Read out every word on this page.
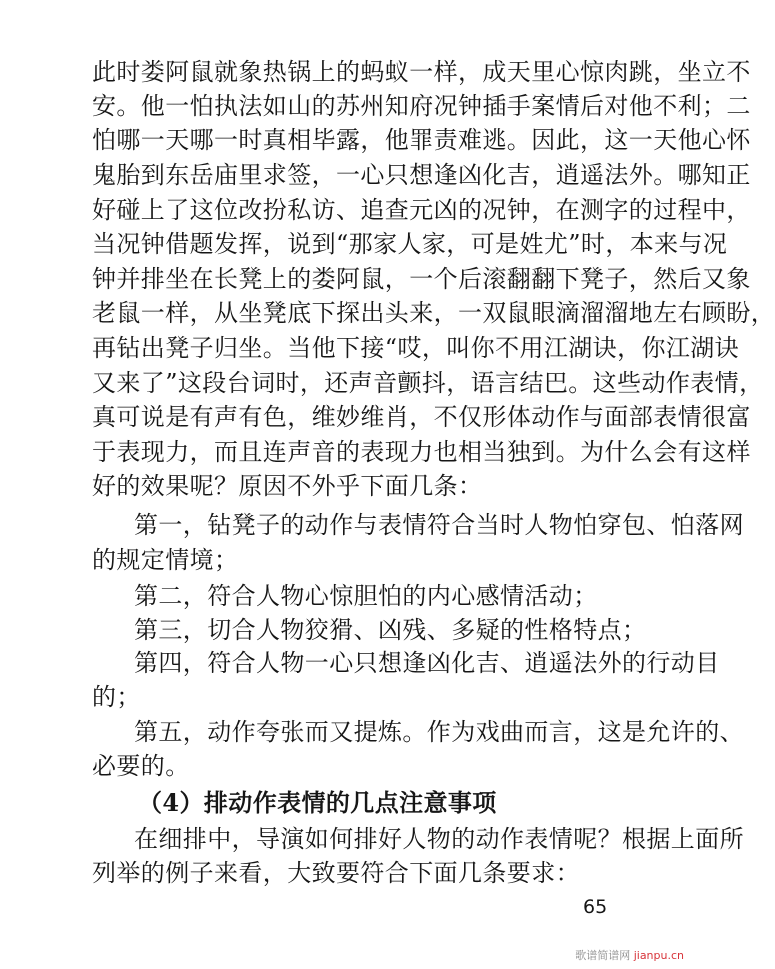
此时娄阿鼠就象热锅上的蚂蚁一样，成天里心惊肉跳，坐立不
安。他一怕执法如山的苏州知府况钟插手案情后对他不利；二
怕哪一天哪一时真相毕露，他罪责难逃。因此，这一天他心怀
鬼胎到东岳庙里求签，一心只想逢凶化吉，逍遥法外。哪知正
好碰上了这位改扮私访、追查元凶的况钟，在测字的过程中，
当况钟借题发挥，说到“那家人家，可是姓尤”时，本来与况
钟并排坐在长凳上的娄阿鼠，一个后滚翻翻下凳子，然后又象
老鼠一样，从坐凳底下探出头来，一双鼠眼滴溜溜地左右顾盼，
再钻出凳子归坐。当他下接“哎，叫你不用江湖诀，你江湖诀
又来了”这段台词时，还声音颤抖，语言结巴。这些动作表情，
真可说是有声有色，维妙维肖，不仅形体动作与面部表情很富
于表现力，而且连声音的表现力也相当独到。为什么会有这样
好的效果呢？原因不外乎下面几条：
第一，钻凳子的动作与表情符合当时人物怕穿包、怕落网
的规定情境；
第二，符合人物心惊胆怕的内心感情活动；
第三，切合人物狡猾、凶残、多疑的性格特点；
第四，符合人物一心只想逢凶化吉、逍遥法外的行动目
的；
第五，动作夸张而又提炼。作为戏曲而言，这是允许的、
必要的。
（4）排动作表情的几点注意事项
在细排中，导演如何排好人物的动作表情呢？根据上面所
列举的例子来看，大致要符合下面几条要求：
65
歌谱简谱网 jianpu.cn
